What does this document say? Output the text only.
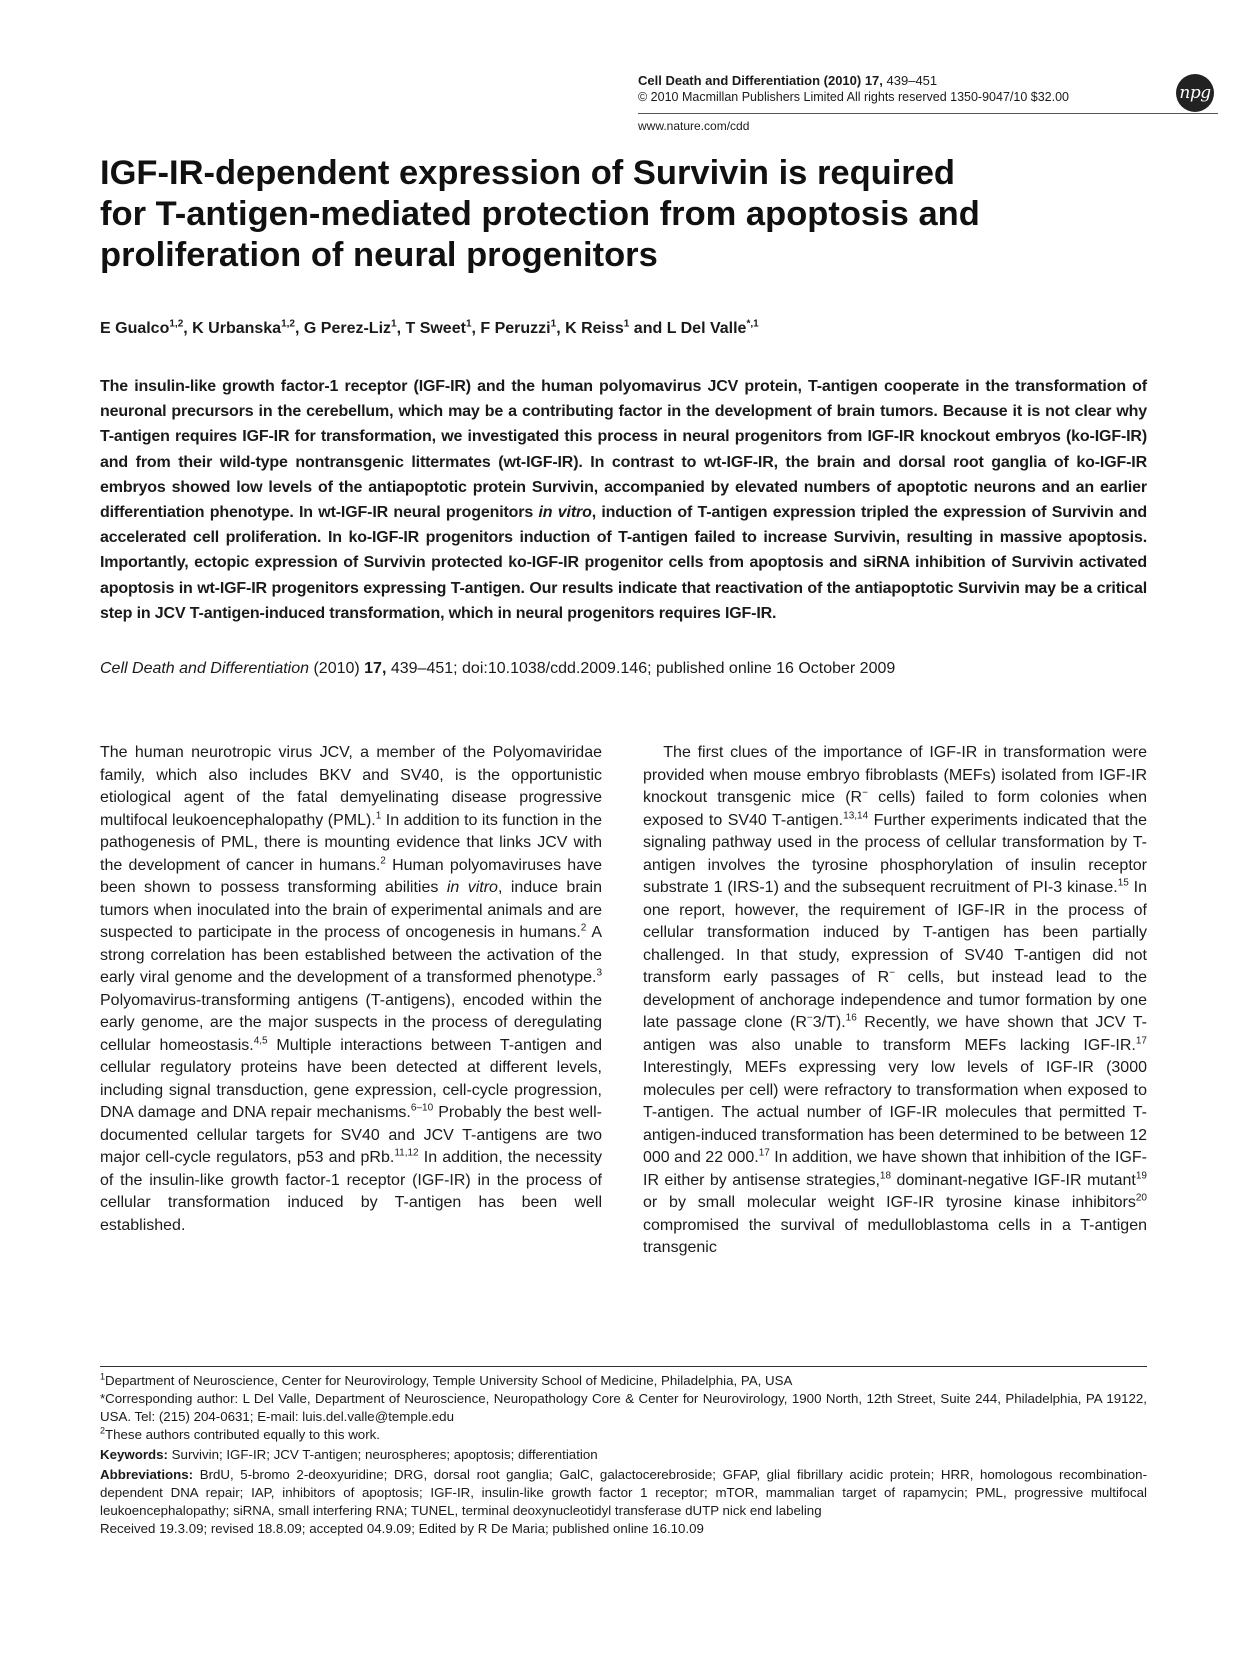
Cell Death and Differentiation (2010) 17, 439–451
© 2010 Macmillan Publishers Limited All rights reserved 1350-9047/10 $32.00
www.nature.com/cdd
npg
IGF-IR-dependent expression of Survivin is required
for T-antigen-mediated protection from apoptosis and
proliferation of neural progenitors
E Gualco$^{1,2}$, K Urbanska$^{1,2}$, G Perez-Liz$^1$, T Sweet$^1$, F Peruzzi$^1$, K Reiss$^1$ and L Del Valle$^{*,1}$

The insulin-like growth factor-1 receptor (IGF-IR) and the human polyomavirus JCV protein, T-antigen cooperate in the transformation of neuronal precursors in the cerebellum, which may be a contributing factor in the development of brain tumors. Because it is not clear why T-antigen requires IGF-IR for transformation, we investigated this process in neural progenitors from IGF-IR knockout embryos (ko-IGF-IR) and from their wild-type nontransgenic littermates (wt-IGF-IR). In contrast to wt-IGF-IR, the brain and dorsal root ganglia of ko-IGF-IR embryos showed low levels of the antiapoptotic protein Survivin, accompanied by elevated numbers of apoptotic neurons and an earlier differentiation phenotype. In wt-IGF-IR neural progenitors in vitro, induction of T-antigen expression tripled the expression of Survivin and accelerated cell proliferation. In ko-IGF-IR progenitors induction of T-antigen failed to increase Survivin, resulting in massive apoptosis. Importantly, ectopic expression of Survivin protected ko-IGF-IR progenitor cells from apoptosis and siRNA inhibition of Survivin activated apoptosis in wt-IGF-IR progenitors expressing T-antigen. Our results indicate that reactivation of the antiapoptotic Survivin may be a critical step in JCV T-antigen-induced transformation, which in neural progenitors requires IGF-IR.

Cell Death and Differentiation (2010) 17, 439–451; doi:10.1038/cdd.2009.146; published online 16 October 2009

The human neurotropic virus JCV, a member of the Polyomaviridae family, which also includes BKV and SV40, is the opportunistic etiological agent of the fatal demyelinating disease progressive multifocal leukoencephalopathy (PML).$^1$ In addition to its function in the pathogenesis of PML, there is mounting evidence that links JCV with the development of cancer in humans.$^2$ Human polyomaviruses have been shown to possess transforming abilities in vitro, induce brain tumors when inoculated into the brain of experimental animals and are suspected to participate in the process of oncogenesis in humans.$^2$ A strong correlation has been established between the activation of the early viral genome and the development of a transformed phenotype.$^3$ Polyomavirus-transforming antigens (T-antigens), encoded within the early genome, are the major suspects in the process of deregulating cellular homeostasis.$^{4,5}$ Multiple interactions between T-antigen and cellular regulatory proteins have been detected at different levels, including signal transduction, gene expression, cell-cycle progression, DNA damage and DNA repair mechanisms.$^{6-10}$ Probably the best well-documented cellular targets for SV40 and JCV T-antigens are two major cell-cycle regulators, p53 and pRb.$^{11,12}$ In addition, the necessity of the insulin-like growth factor-1 receptor (IGF-IR) in the process of cellular transformation induced by T-antigen has been well established.

The first clues of the importance of IGF-IR in transformation were provided when mouse embryo fibroblasts (MEFs) isolated from IGF-IR knockout transgenic mice (R− cells) failed to form colonies when exposed to SV40 T-antigen.$^{13,14}$ Further experiments indicated that the signaling pathway used in the process of cellular transformation by T-antigen involves the tyrosine phosphorylation of insulin receptor substrate 1 (IRS-1) and the subsequent recruitment of PI-3 kinase.$^{15}$ In one report, however, the requirement of IGF-IR in the process of cellular transformation induced by T-antigen has been partially challenged. In that study, expression of SV40 T-antigen did not transform early passages of R− cells, but instead lead to the development of anchorage independence and tumor formation by one late passage clone (R−3/T).$^{16}$ Recently, we have shown that JCV T-antigen was also unable to transform MEFs lacking IGF-IR.$^{17}$ Interestingly, MEFs expressing very low levels of IGF-IR (3000 molecules per cell) were refractory to transformation when exposed to T-antigen. The actual number of IGF-IR molecules that permitted T-antigen-induced transformation has been determined to be between 12 000 and 22 000.17 In addition, we have shown that inhibition of the IGF-IR either by antisense strategies,$^{18}$ dominant-negative IGF-IR mutant$^{19}$ or by small molecular weight IGF-IR tyrosine kinase inhibitors$^{20}$ compromised the survival of medulloblastoma cells in a T-antigen transgenic

$^1$Department of Neuroscience, Center for Neurovirology, Temple University School of Medicine, Philadelphia, PA, USA

*Corresponding author: L Del Valle, Department of Neuroscience, Neuropathology Core & Center for Neurovirology, 1900 North, 12th Street, Suite 244, Philadelphia, PA 19122, USA. Tel: (215) 204-0631; E-mail: luis.del.valle@temple.edu

$^2$These authors contributed equally to this work.

Keywords: Survivin; IGF-IR; JCV T-antigen; neurospheres; apoptosis; differentiation

Abbreviations: BrdU, 5-bromo 2-deoxyuridine; DRG, dorsal root ganglia; GalC, galactocerebroside; GFAP, glial fibrillary acidic protein; HRR, homologous recombination-dependent DNA repair; IAP, inhibitors of apoptosis; IGF-IR, insulin-like growth factor 1 receptor; mTOR, mammalian target of rapamycin; PML, progressive multifocal leukoencephalopathy; siRNA, small interfering RNA; TUNEL, terminal deoxynucleotidyl transferase dUTP nick end labeling

Received 19.3.09; revised 18.8.09; accepted 04.9.09; Edited by R De Maria; published online 16.10.09
